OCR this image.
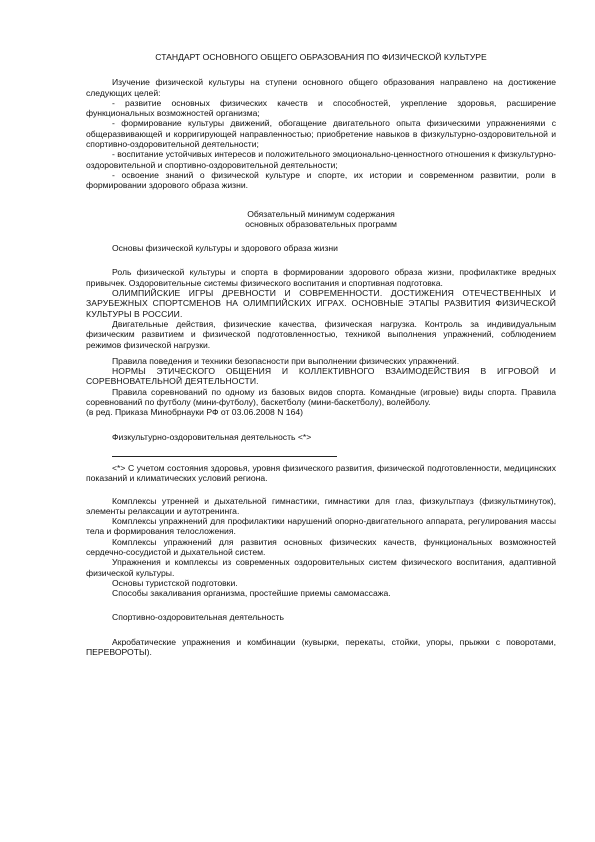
СТАНДАРТ ОСНОВНОГО ОБЩЕГО ОБРАЗОВАНИЯ ПО ФИЗИЧЕСКОЙ КУЛЬТУРЕ

Изучение физической культуры на ступени основного общего образования направлено на достижение следующих целей:

- развитие основных физических качеств и способностей, укрепление здоровья, расширение функциональных возможностей организма;

- формирование культуры движений, обогащение двигательного опыта физическими упражнениями с общеразвивающей и корригирующей направленностью; приобретение навыков в физкультурно-оздоровительной и спортивно-оздоровительной деятельности;

- воспитание устойчивых интересов и положительного эмоционально-ценностного отношения к физкультурно-оздоровительной и спортивно-оздоровительной деятельности;

- освоение знаний о физической культуре и спорте, их истории и современном развитии, роли в формировании здорового образа жизни.

Обязательный минимум содержания

основных образовательных программ

Основы физической культуры и здорового образа жизни

Роль физической культуры и спорта в формировании здорового образа жизни, профилактике вредных привычек. Оздоровительные системы физического воспитания и спортивная подготовка.

ОЛИМПИЙСКИЕ ИГРЫ ДРЕВНОСТИ И СОВРЕМЕННОСТИ. ДОСТИЖЕНИЯ ОТЕЧЕСТВЕННЫХ И ЗАРУБЕЖНЫХ СПОРТСМЕНОВ НА ОЛИМПИЙСКИХ ИГРАХ. ОСНОВНЫЕ ЭТАПЫ РАЗВИТИЯ ФИЗИЧЕСКОЙ КУЛЬТУРЫ В РОССИИ.

Двигательные действия, физические качества, физическая нагрузка. Контроль за индивидуальным физическим развитием и физической подготовленностью, техникой выполнения упражнений, соблюдением режимов физической нагрузки.

Правила поведения и техники безопасности при выполнении физических упражнений.

НОРМЫ ЭТИЧЕСКОГО ОБЩЕНИЯ И КОЛЛЕКТИВНОГО ВЗАИМОДЕЙСТВИЯ В ИГРОВОЙ И СОРЕВНОВАТЕЛЬНОЙ ДЕЯТЕЛЬНОСТИ.

Правила соревнований по одному из базовых видов спорта. Командные (игровые) виды спорта. Правила соревнований по футболу (мини-футболу), баскетболу (мини-баскетболу), волейболу.

(в ред. Приказа Минобрнауки РФ от 03.06.2008 N 164)

Физкультурно-оздоровительная деятельность <*>

<*> С учетом состояния здоровья, уровня физического развития, физической подготовленности, медицинских показаний и климатических условий региона.

Комплексы утренней и дыхательной гимнастики, гимнастики для глаз, физкультпауз (физкультминуток), элементы релаксации и аутотренинга.

Комплексы упражнений для профилактики нарушений опорно-двигательного аппарата, регулирования массы тела и формирования телосложения.

Комплексы упражнений для развития основных физических качеств, функциональных возможностей сердечно-сосудистой и дыхательной систем.

Упражнения и комплексы из современных оздоровительных систем физического воспитания, адаптивной физической культуры.

Основы туристской подготовки.

Способы закаливания организма, простейшие приемы самомассажа.

Спортивно-оздоровительная деятельность

Акробатические упражнения и комбинации (кувырки, перекаты, стойки, упоры, прыжки с поворотами, ПЕРЕВОРОТЫ).
